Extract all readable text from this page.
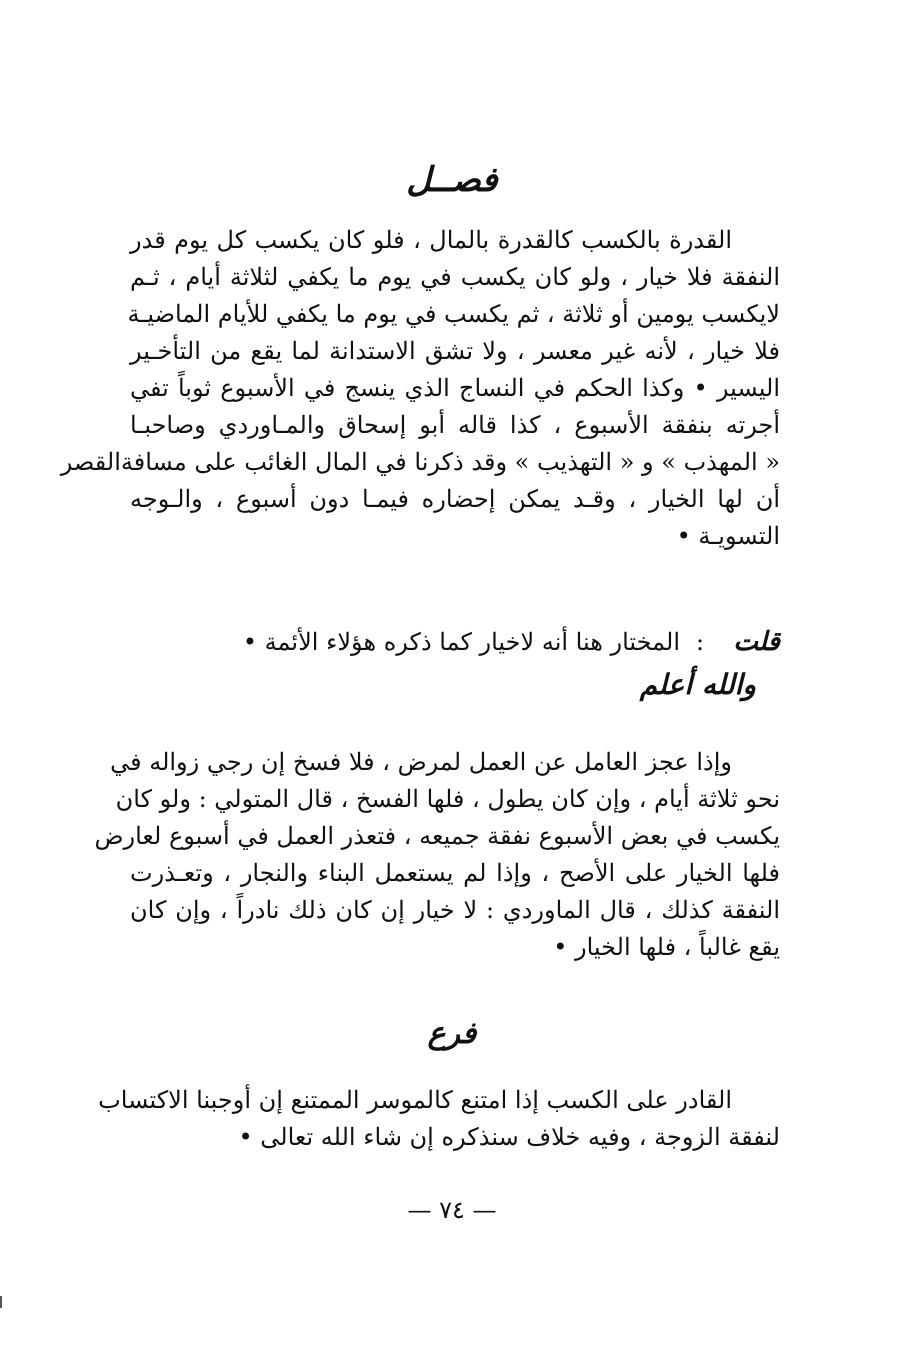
فصــل
القدرة بالكسب كالقدرة بالمال ، فلو كان يكسب كل يوم قدر
النفقة فلا خيار ، ولو كان يكسب في يوم ما يكفي لثلاثة أيام ، ثـم
لايكسب يومين أو ثلاثة ، ثم يكسب في يوم ما يكفي للأيام الماضيـة
فلا خيار ، لأنه غير معسر ، ولا تشق الاستدانة لما يقع من التأخـير
اليسير • وكذا الحكم في النساج الذي ينسج في الأسبوع ثوباً تفي
أجرته بنفقة الأسبوع ، كذا قاله أبو إسحاق والمـاوردي وصاحبـا
« المهذب » و « التهذيب » وقد ذكرنا في المال الغائب على مسافةالقصر
أن لها الخيار ، وقـد يمكن إحضاره فيمـا دون أسبوع ، والـوجه
التسويـة •
قلت
:
المختار هنا أنه لاخيار كما ذكره هؤلاء الأئمة •
والله أعلم
وإذا عجز العامل عن العمل لمرض ، فلا فسخ إن رجي زواله في
نحو ثلاثة أيام ، وإن كان يطول ، فلها الفسخ ، قال المتولي : ولو كان
يكسب في بعض الأسبوع نفقة جميعه ، فتعذر العمل في أسبوع لعارض
فلها الخيار على الأصح ، وإذا لم يستعمل البناء والنجار ، وتعـذرت
النفقة كذلك ، قال الماوردي : لا خيار إن كان ذلك نادراً ، وإن كان
يقع غالباً ، فلها الخيار •
فرع
القادر على الكسب إذا امتنع كالموسر الممتنع إن أوجبنا الاكتساب
لنفقة الزوجة ، وفيه خلاف سنذكره إن شاء الله تعالى •
— ٧٤ —
